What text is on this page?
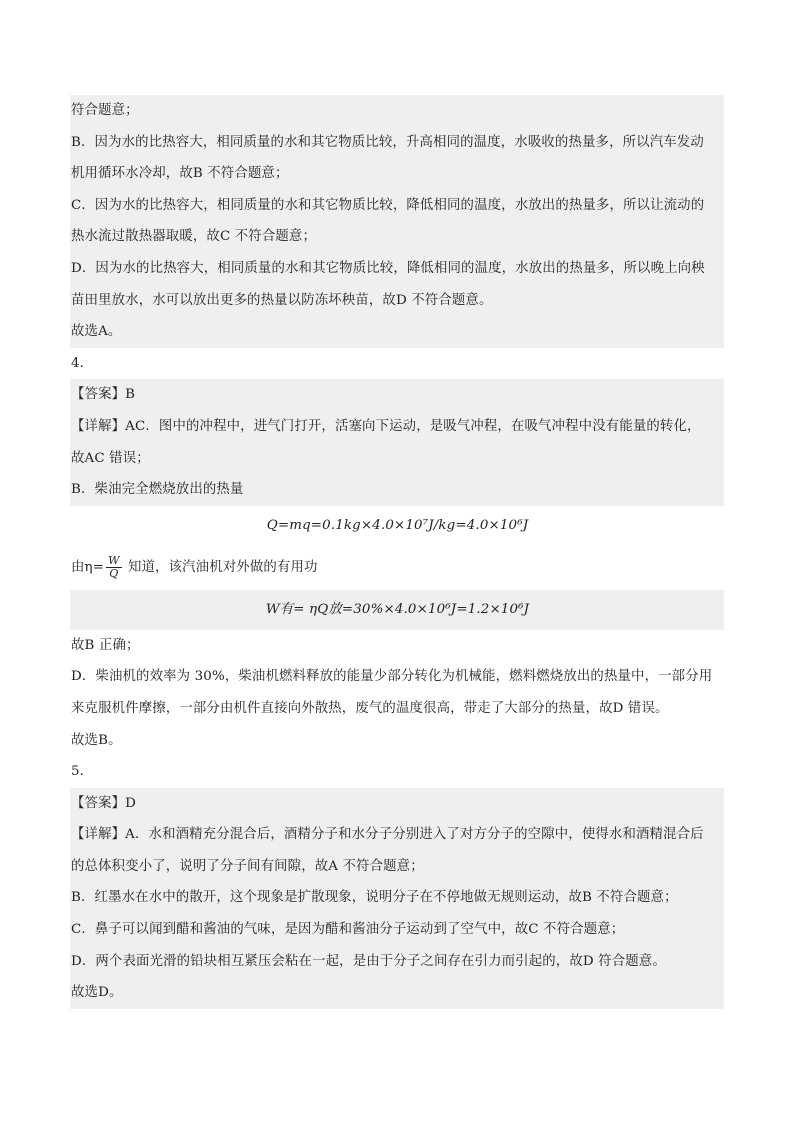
符合题意；
B．因为水的比热容大，相同质量的水和其它物质比较，升高相同的温度，水吸收的热量多，所以汽车发动
机用循环水冷却，故B 不符合题意；
C．因为水的比热容大，相同质量的水和其它物质比较，降低相同的温度，水放出的热量多，所以让流动的
热水流过散热器取暖，故C 不符合题意；
D．因为水的比热容大，相同质量的水和其它物质比较，降低相同的温度，水放出的热量多，所以晚上向秧
苗田里放水，水可以放出更多的热量以防冻坏秧苗，故D 不符合题意。
故选A。
4．
【答案】B
【详解】AC．图中的冲程中，进气门打开，活塞向下运动，是吸气冲程，在吸气冲程中没有能量的转化，
故AC 错误；
B．柴油完全燃烧放出的热量
Q=mq=0.1kg×4.0×10⁷J/kg=4.0×10⁶J
由$\eta= \frac{W}{Q}$ 知道，该汽油机对外做的有用功
W有= ηQ放=30%×4.0×10⁶J=1.2×10⁶J
故B 正确；
D．柴油机的效率为 30%，柴油机燃料释放的能量少部分转化为机械能，燃料燃烧放出的热量中，一部分用
来克服机件摩擦，一部分由机件直接向外散热，废气的温度很高，带走了大部分的热量，故D 错误。
故选B。
5．
【答案】D
【详解】A．水和酒精充分混合后，酒精分子和水分子分别进入了对方分子的空隙中，使得水和酒精混合后
的总体积变小了，说明了分子间有间隙，故A 不符合题意；
B．红墨水在水中的散开，这个现象是扩散现象，说明分子在不停地做无规则运动，故B 不符合题意；
C．鼻子可以闻到醋和酱油的气味，是因为醋和酱油分子运动到了空气中，故C 不符合题意；
D．两个表面光滑的铅块相互紧压会粘在一起，是由于分子之间存在引力而引起的，故D 符合题意。
故选D。
